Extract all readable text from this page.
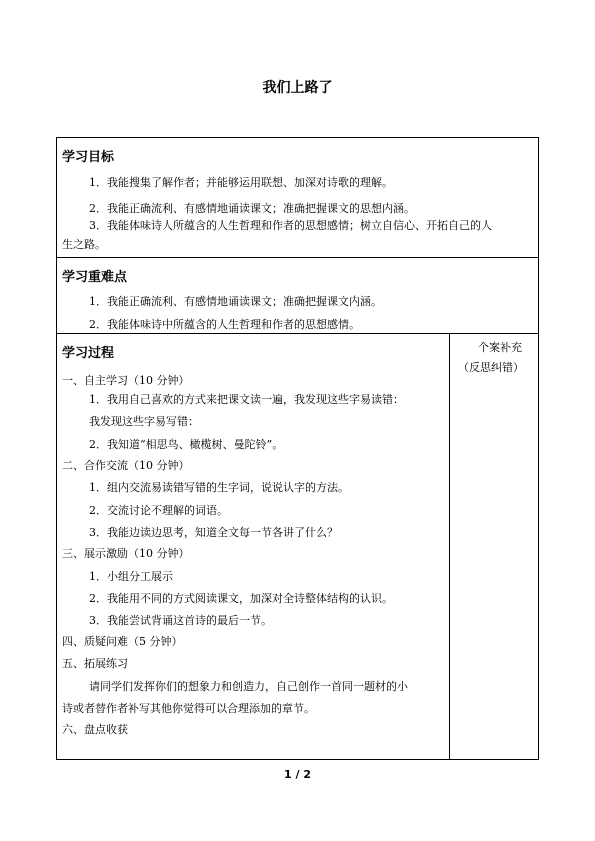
我们上路了
学习目标
1．我能搜集了解作者；并能够运用联想、加深对诗歌的理解。
2．我能正确流利、有感情地诵读课文；准确把握课文的思想内涵。
3．我能体味诗人所蕴含的人生哲理和作者的思想感情；树立自信心、开拓自己的人
生之路。
学习重难点
1．我能正确流利、有感情地诵读课文；准确把握课文内涵。
2．我能体味诗中所蕴含的人生哲理和作者的思想感情。
学习过程	个案补充
（反思纠错）
一、自主学习（10 分钟）
1．我用自己喜欢的方式来把课文读一遍，我发现这些字易读错：
我发现这些字易写错：
2．我知道“相思鸟、橄榄树、曼陀铃”。
二、合作交流（10 分钟）
1．组内交流易读错写错的生字词，说说认字的方法。
2．交流讨论不理解的词语。
3．我能边读边思考，知道全文每一节各讲了什么？
三、展示激励（10 分钟）
1．小组分工展示
2．我能用不同的方式阅读课文，加深对全诗整体结构的认识。
3．我能尝试背诵这首诗的最后一节。
四、质疑问难（5 分钟）
五、拓展练习
请同学们发挥你们的想象力和创造力，自己创作一首同一题材的小
诗或者替作者补写其他你觉得可以合理添加的章节。
六、盘点收获
1 / 2
